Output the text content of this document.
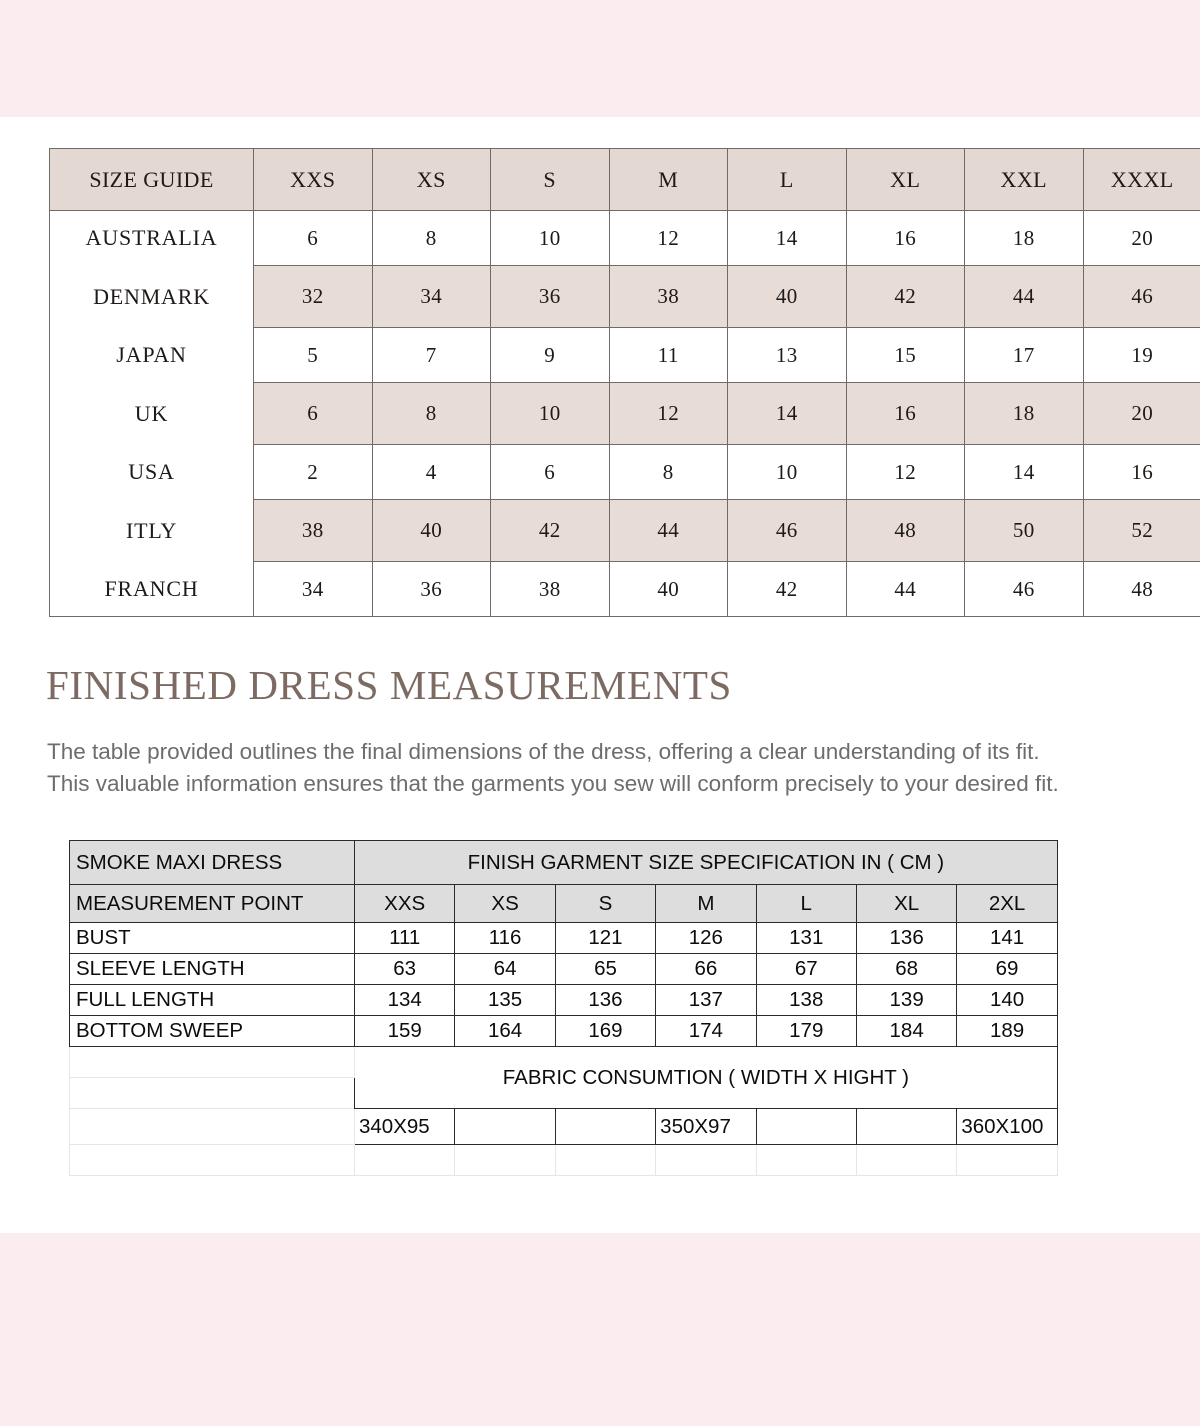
SIZE GUIDE	XXS	XS	S	M	L	XL	XXL	XXXL
AUSTRALIA	6	8	10	12	14	16	18	20
DENMARK	32	34	36	38	40	42	44	46
JAPAN	5	7	9	11	13	15	17	19
UK	6	8	10	12	14	16	18	20
USA	2	4	6	8	10	12	14	16
ITLY	38	40	42	44	46	48	50	52
FRANCH	34	36	38	40	42	44	46	48
FINISHED DRESS MEASUREMENTS
The table provided outlines the final dimensions of the dress, offering a clear understanding of its fit.
This valuable information ensures that the garments you sew will conform precisely to your desired fit.
SMOKE MAXI DRESS	FINISH GARMENT SIZE SPECIFICATION IN ( CM )						
MEASUREMENT POINT	XXS	XS	S	M	L	XL	2XL
BUST	111	116	121	126	131	136	141
SLEEVE LENGTH	63	64	65	66	67	68	69
FULL LENGTH	134	135	136	137	138	139	140
BOTTOM SWEEP	159	164	169	174	179	184	189
	FABRIC CONSUMTION ( WIDTH X HIGHT )						

	340X95			350X97			360X100
